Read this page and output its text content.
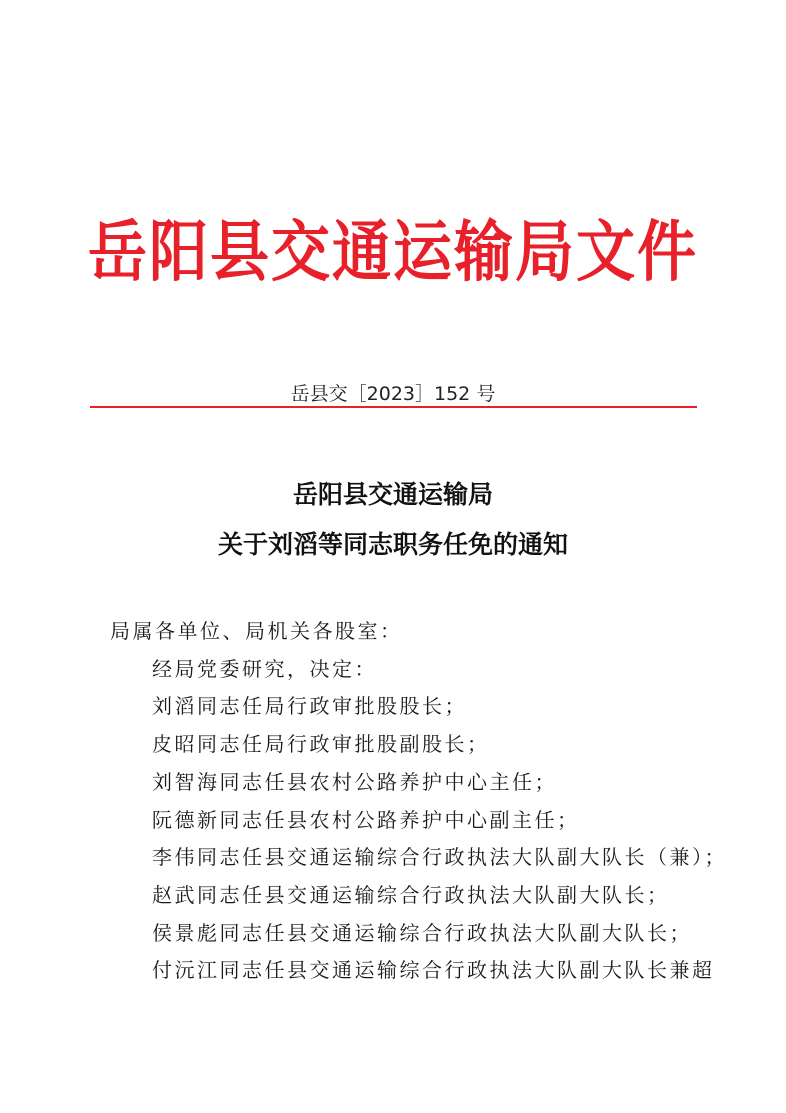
岳阳县交通运输局文件
岳县交［2023］152 号
岳阳县交通运输局
关于刘滔等同志职务任免的通知
局属各单位、局机关各股室：
经局党委研究，决定：
刘滔同志任局行政审批股股长；
皮昭同志任局行政审批股副股长；
刘智海同志任县农村公路养护中心主任；
阮德新同志任县农村公路养护中心副主任；
李伟同志任县交通运输综合行政执法大队副大队长（兼）；
赵武同志任县交通运输综合行政执法大队副大队长；
侯景彪同志任县交通运输综合行政执法大队副大队长；
付沅江同志任县交通运输综合行政执法大队副大队长兼超
